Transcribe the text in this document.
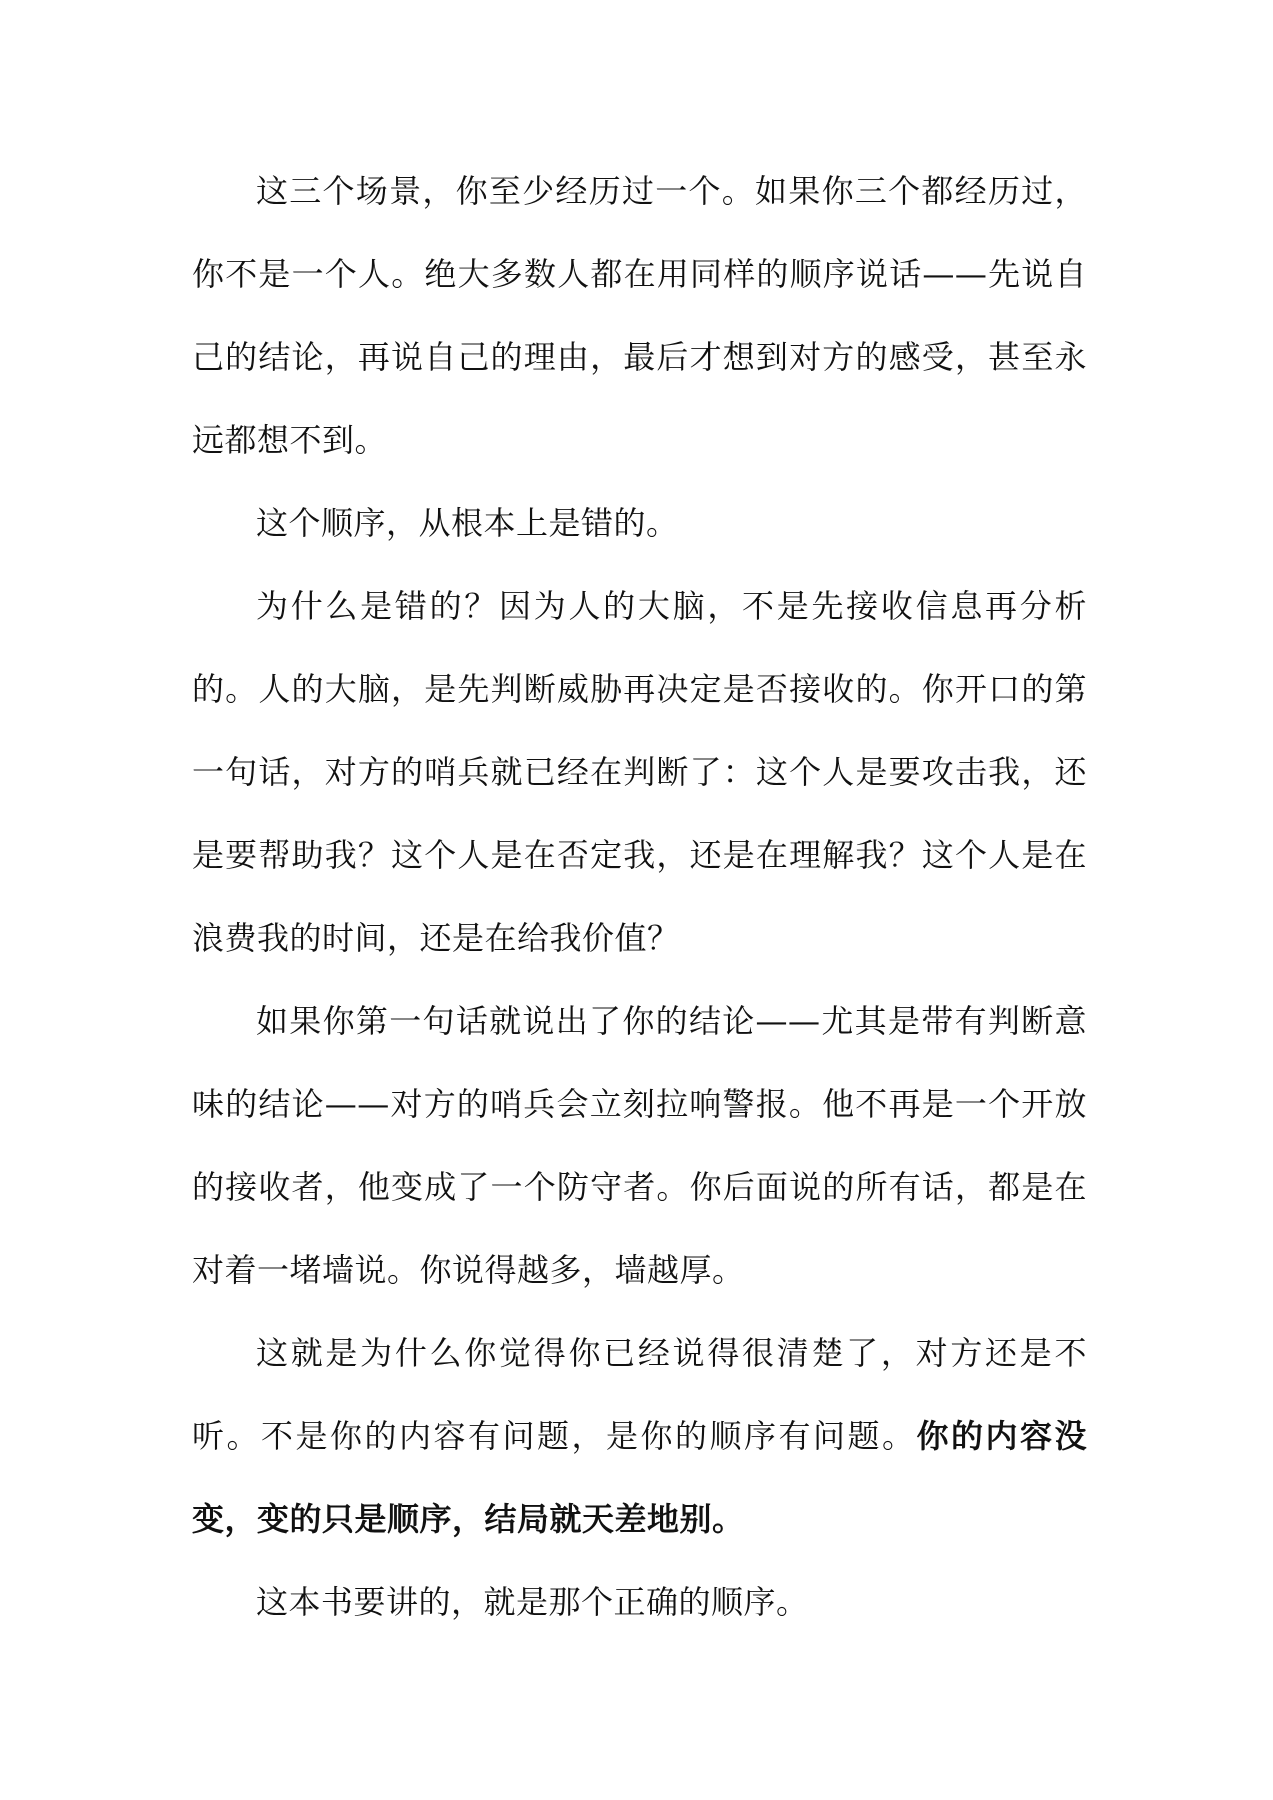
这三个场景，你至少经历过一个。如果你三个都经历过，你不是一个人。绝大多数人都在用同样的顺序说话——先说自己的结论，再说自己的理由，最后才想到对方的感受，甚至永远都想不到。

这个顺序，从根本上是错的。

为什么是错的？因为人的大脑，不是先接收信息再分析的。人的大脑，是先判断威胁再决定是否接收的。你开口的第一句话，对方的哨兵就已经在判断了：这个人是要攻击我，还是要帮助我？这个人是在否定我，还是在理解我？这个人是在浪费我的时间，还是在给我价值？

如果你第一句话就说出了你的结论——尤其是带有判断意味的结论——对方的哨兵会立刻拉响警报。他不再是一个开放的接收者，他变成了一个防守者。你后面说的所有话，都是在对着一堵墙说。你说得越多，墙越厚。

这就是为什么你觉得你已经说得很清楚了，对方还是不听。不是你的内容有问题，是你的顺序有问题。你的内容没变，变的只是顺序，结局就天差地别。

这本书要讲的，就是那个正确的顺序。
